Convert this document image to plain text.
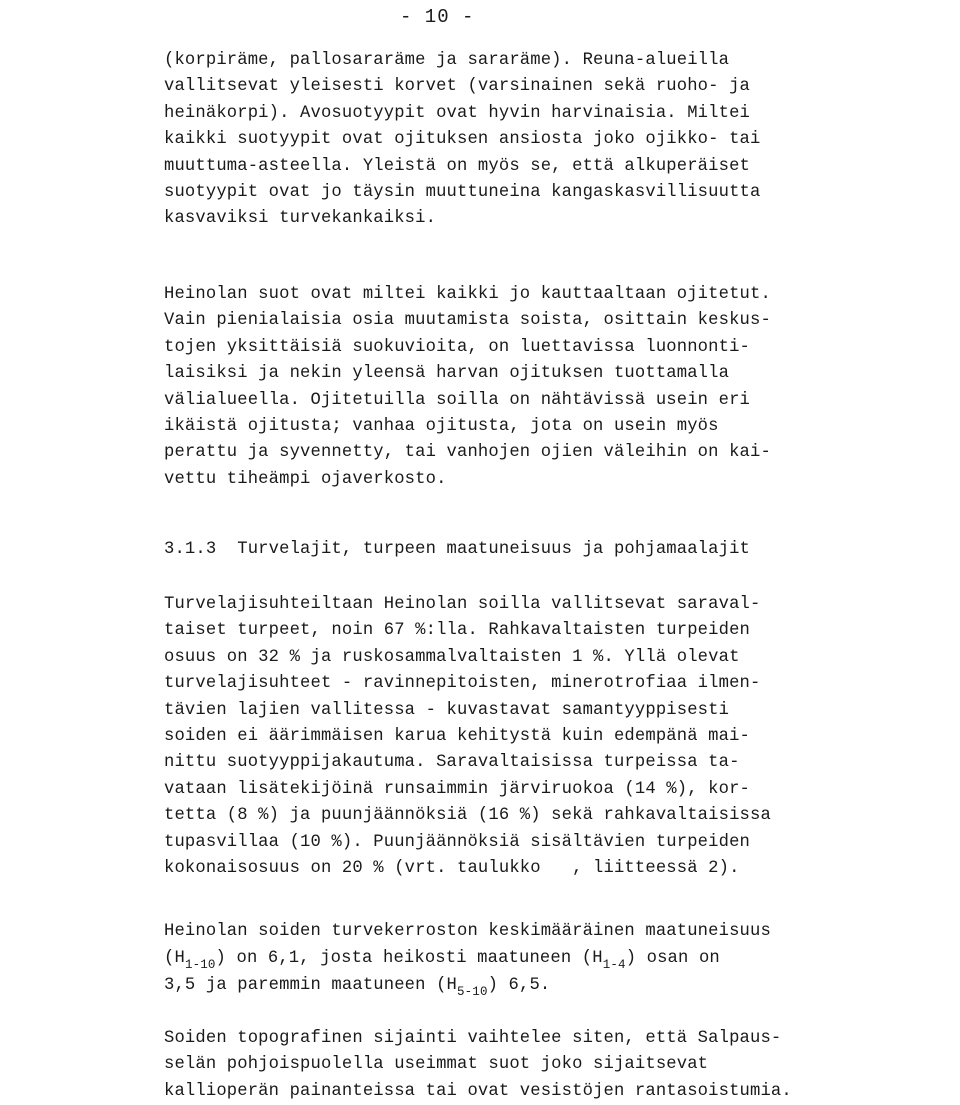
- 10 -
(korpiräme, pallosararäme ja sararäme). Reuna-alueilla
vallitsevat yleisesti korvet (varsinainen sekä ruoho- ja
heinäkorpi). Avosuotyypit ovat hyvin harvinaisia. Miltei
kaikki suotyypit ovat ojituksen ansiosta joko ojikko- tai
muuttuma-asteella. Yleistä on myös se, että alkuperäiset
suotyypit ovat jo täysin muuttuneina kangaskasvillisuutta
kasvaviksi turvekankaiksi.
Heinolan suot ovat miltei kaikki jo kauttaaltaan ojitetut.
Vain pienialaisia osia muutamista soista, osittain keskus-
tojen yksittäisiä suokuvioita, on luettavissa luonnonti-
laisiksi ja nekin yleensä harvan ojituksen tuottamalla
välialueella. Ojitetuilla soilla on nähtävissä usein eri
ikäistä ojitusta; vanhaa ojitusta, jota on usein myös
perattu ja syvennetty, tai vanhojen ojien väleihin on kai-
vettu tiheämpi ojaverkosto.
3.1.3  Turvelajit, turpeen maatuneisuus ja pohjamaalajit
Turvelajisuhteiltaan Heinolan soilla vallitsevat saraval-
taiset turpeet, noin 67 %:lla. Rahkavaltaisten turpeiden
osuus on 32 % ja ruskosammalvaltaisten 1 %. Yllä olevat
turvelajisuhteet - ravinnepitoisten, minerotrofiaa ilmen-
tävien lajien vallitessa - kuvastavat samantyyppisesti
soiden ei äärimmäisen karua kehitystä kuin edempänä mai-
nittu suotyyppijakautuma. Saravaltaisissa turpeissa ta-
vataan lisätekijöinä runsaimmin järviruokoa (14 %), kor-
tetta (8 %) ja puunjäännöksiä (16 %) sekä rahkavaltaisissa
tupasvillaa (10 %). Puunjäännöksiä sisältävien turpeiden
kokonaisosuus on 20 % (vrt. taulukko   , liitteessä 2).
Heinolan soiden turvekerroston keskimääräinen maatuneisuus
$(H_{1-10})$ on 6,1, josta heikosti maatuneen $(H_{1-4})$ osan on
3,5 ja paremmin maatuneen $(H_{5-10})$ 6,5.
Soiden topografinen sijainti vaihtelee siten, että Salpaus-
selän pohjoispuolella useimmat suot joko sijaitsevat
kallioperän painanteissa tai ovat vesistöjen rantasoistumia.
